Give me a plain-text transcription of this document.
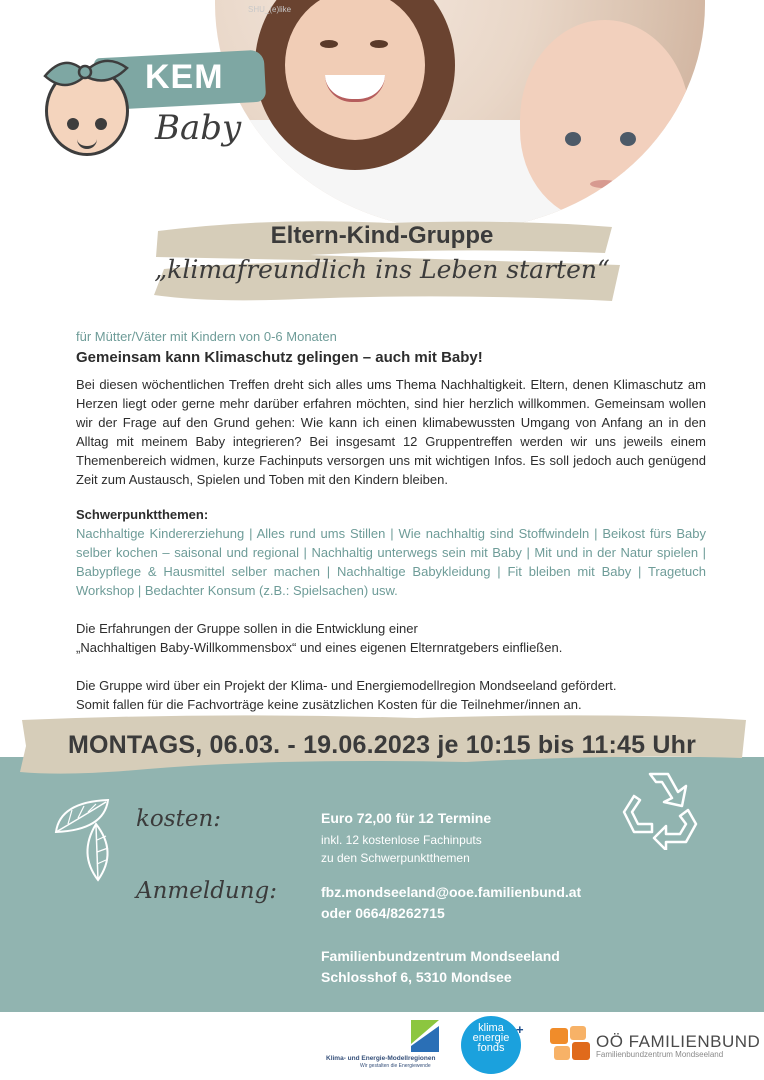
SHU_(e)like
KEM
Baby
Eltern-Kind-Gruppe
„klimafreundlich ins Leben starten“

für Mütter/Väter mit Kindern von 0-6 Monaten

Gemeinsam kann Klimaschutz gelingen – auch mit Baby!

Bei diesen wöchentlichen Treffen dreht sich alles ums Thema Nachhaltigkeit. Eltern, denen Klimaschutz am Herzen liegt oder gerne mehr darüber erfahren möchten, sind hier herzlich willkommen. Gemeinsam wollen wir der Frage auf den Grund gehen: Wie kann ich einen klimabewussten Umgang von Anfang an in den Alltag mit meinem Baby integrieren? Bei insgesamt 12 Gruppentreffen werden wir uns jeweils einem Themenbereich widmen, kurze Fachinputs versorgen uns mit wichtigen Infos. Es soll jedoch auch genügend Zeit zum Austausch, Spielen und Toben mit den Kindern bleiben.

Schwerpunktthemen:

Nachhaltige Kindererziehung | Alles rund ums Stillen | Wie nachhaltig sind Stoffwindeln | Beikost fürs Baby selber kochen – saisonal und regional | Nachhaltig unterwegs sein mit Baby | Mit und in der Natur spielen | Babypflege & Hausmittel selber machen | Nachhaltige Babykleidung | Fit bleiben mit Baby | Tragetuch Workshop | Bedachter Konsum (z.B.: Spielsachen) usw.

Die Erfahrungen der Gruppe sollen in die Entwicklung einer

„Nachhaltigen Baby-Willkommensbox“ und eines eigenen Elternratgebers einfließen.

Die Gruppe wird über ein Projekt der Klima- und Energiemodellregion Mondseeland gefördert.

Somit fallen für die Fachvorträge keine zusätzlichen Kosten für die Teilnehmer/innen an.

MONTAGS, 06.03. - 19.06.2023 je 10:15 bis 11:45 Uhr
kosten:	Euro 72,00 für 12 Termine
inkl. 12 kostenlose Fachinputs
zu den Schwerpunktthemen
Anmeldung:	fbz.mondseeland@ooe.familienbund.at
oder 0664/8262715
Familienbundzentrum Mondseeland
Schlosshof 6, 5310 Mondsee
Klima- und Energie-Modellregionen
Wir gestalten die Energiewende
klima
energie
fonds
+
OÖ FAMILIENBUND
Familienbundzentrum Mondseeland
